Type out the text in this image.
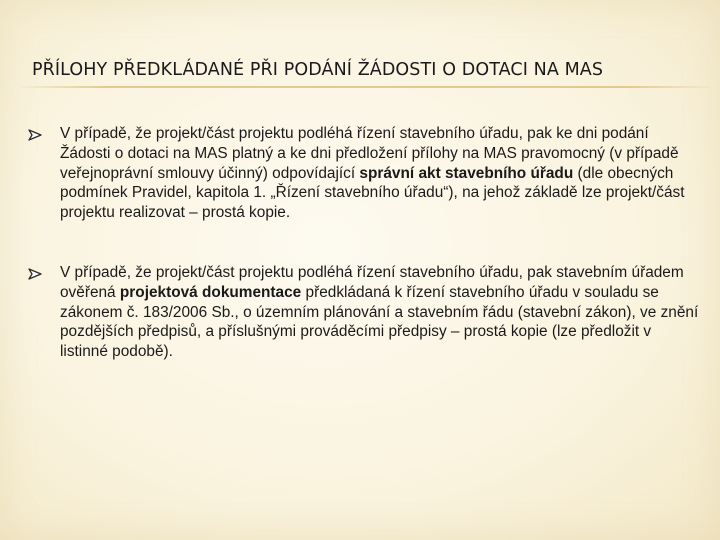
PŘÍLOHY PŘEDKLÁDANÉ PŘI PODÁNÍ ŽÁDOSTI O DOTACI NA MAS
V případě, že projekt/část projektu podléhá řízení stavebního úřadu, pak ke dni podání Žádosti o dotaci na MAS platný a ke dni předložení přílohy na MAS pravomocný (v případě veřejnoprávní smlouvy účinný) odpovídající správní akt stavebního úřadu (dle obecných podmínek Pravidel, kapitola 1. „Řízení stavebního úřadu“), na jehož základě lze projekt/část projektu realizovat – prostá kopie.
V případě, že projekt/část projektu podléhá řízení stavebního úřadu, pak stavebním úřadem ověřená projektová dokumentace předkládaná k řízení stavebního úřadu v souladu se zákonem č. 183/2006 Sb., o územním plánování a stavebním řádu (stavební zákon), ve znění pozdějších předpisů, a příslušnými prováděcími předpisy – prostá kopie (lze předložit v listinné podobě).
